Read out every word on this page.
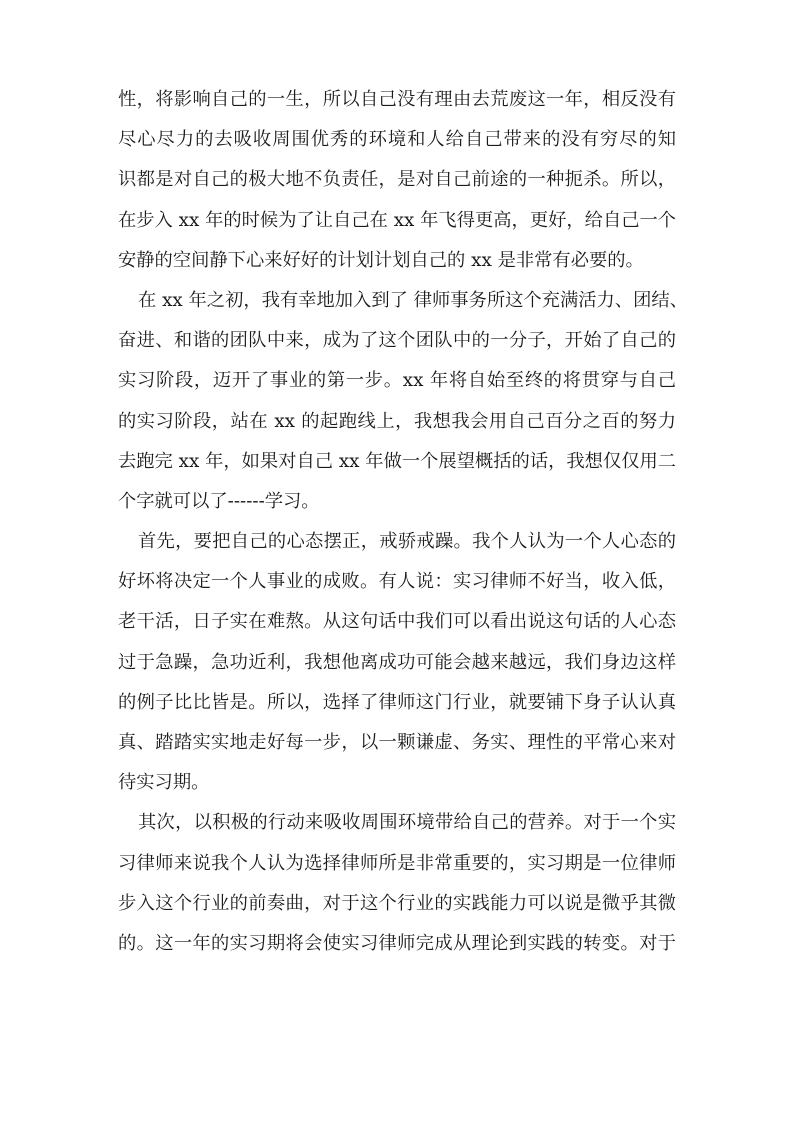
性，将影响自己的一生，所以自己没有理由去荒废这一年，相反没有
尽心尽力的去吸收周围优秀的环境和人给自己带来的没有穷尽的知
识都是对自己的极大地不负责任，是对自己前途的一种扼杀。所以，
在步入 xx 年的时候为了让自己在 xx 年飞得更高，更好，给自己一个
安静的空间静下心来好好的计划计划自己的 xx 是非常有必要的。
在 xx 年之初，我有幸地加入到了 律师事务所这个充满活力、团结、
奋进、和谐的团队中来，成为了这个团队中的一分子，开始了自己的
实习阶段，迈开了事业的第一步。xx 年将自始至终的将贯穿与自己
的实习阶段，站在 xx 的起跑线上，我想我会用自己百分之百的努力
去跑完 xx 年，如果对自己 xx 年做一个展望概括的话，我想仅仅用二
个字就可以了------学习。
首先，要把自己的心态摆正，戒骄戒躁。我个人认为一个人心态的
好坏将决定一个人事业的成败。有人说：实习律师不好当，收入低，
老干活，日子实在难熬。从这句话中我们可以看出说这句话的人心态
过于急躁，急功近利，我想他离成功可能会越来越远，我们身边这样
的例子比比皆是。所以，选择了律师这门行业，就要铺下身子认认真
真、踏踏实实地走好每一步，以一颗谦虚、务实、理性的平常心来对
待实习期。
其次，以积极的行动来吸收周围环境带给自己的营养。对于一个实
习律师来说我个人认为选择律师所是非常重要的，实习期是一位律师
步入这个行业的前奏曲，对于这个行业的实践能力可以说是微乎其微
的。这一年的实习期将会使实习律师完成从理论到实践的转变。对于
